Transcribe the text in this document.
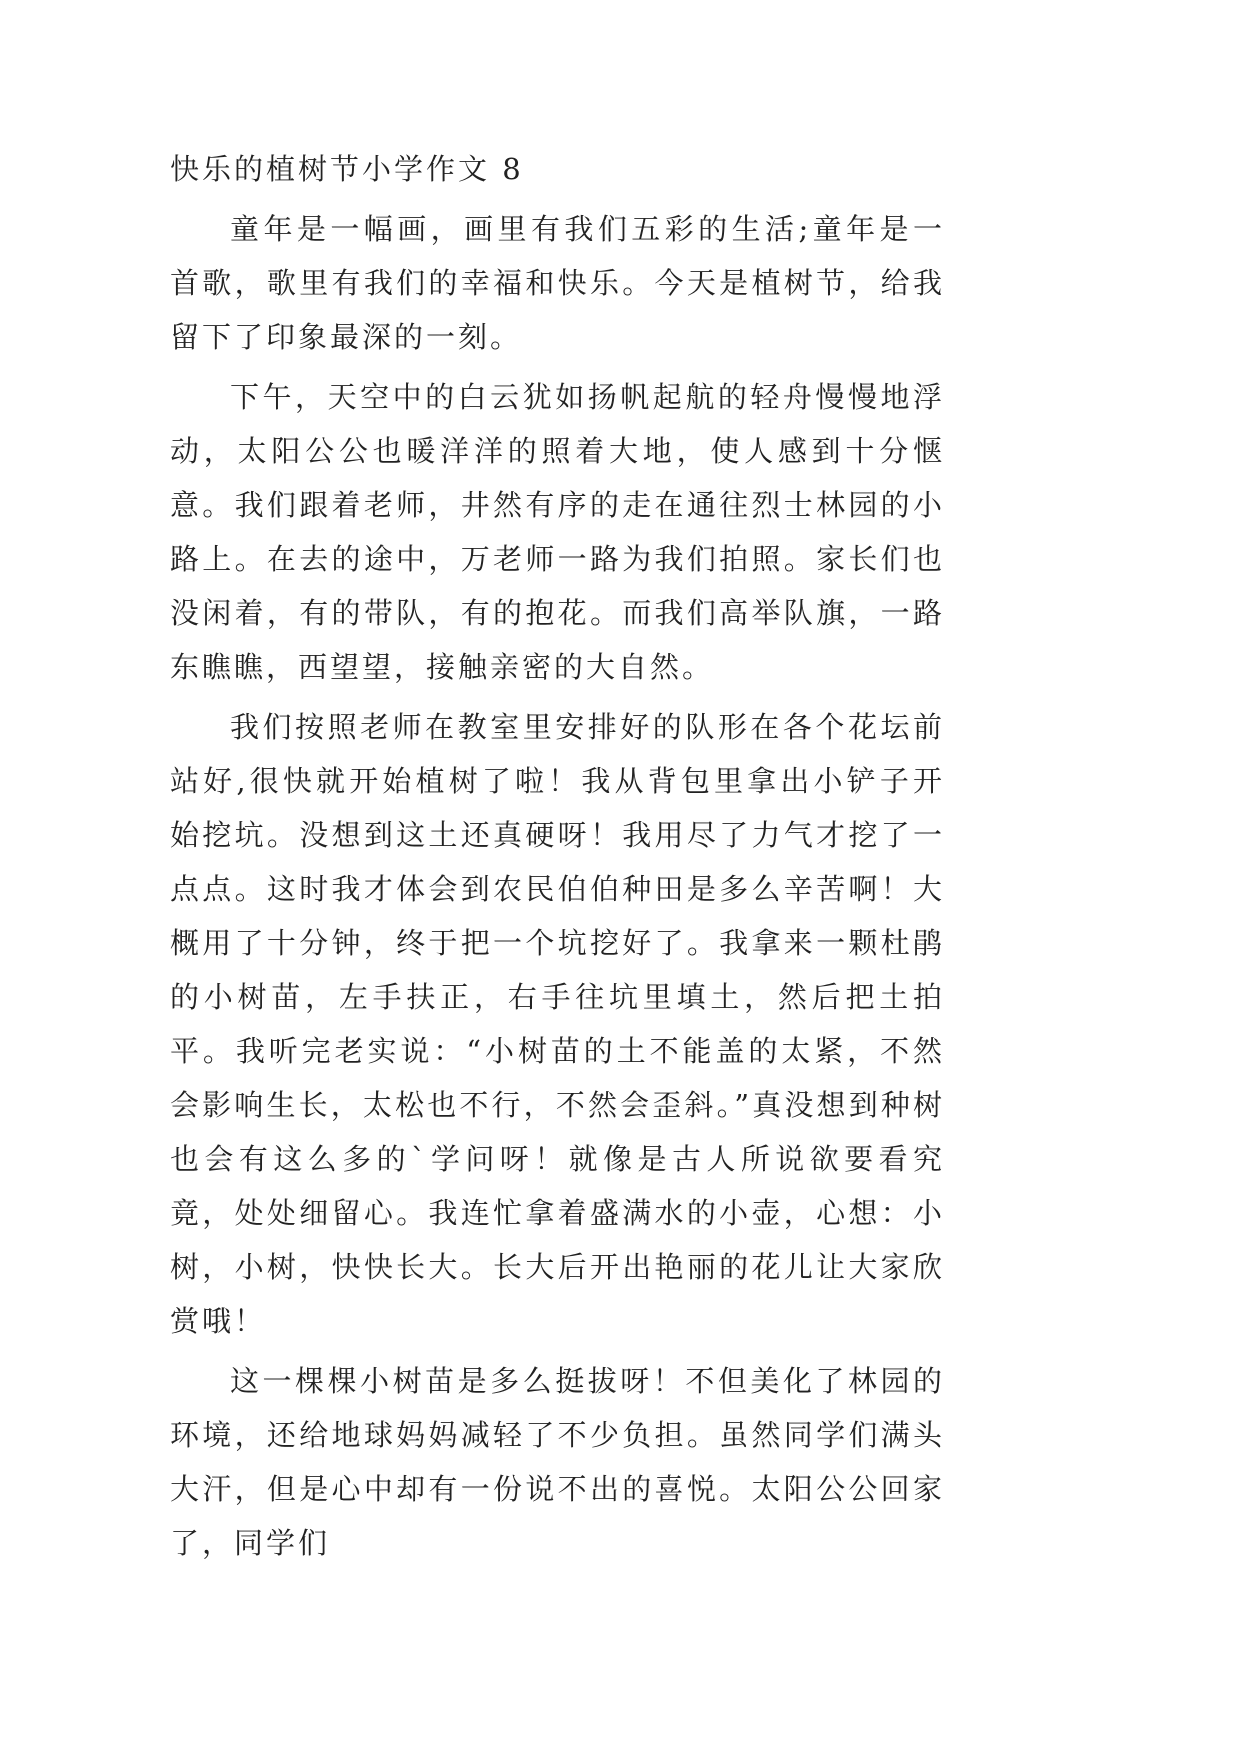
快乐的植树节小学作文 8

童年是一幅画，画里有我们五彩的生活;童年是一首歌，歌里有我们的幸福和快乐。今天是植树节，给我留下了印象最深的一刻。

下午，天空中的白云犹如扬帆起航的轻舟慢慢地浮动，太阳公公也暖洋洋的照着大地，使人感到十分惬意。我们跟着老师，井然有序的走在通往烈士林园的小路上。在去的途中，万老师一路为我们拍照。家长们也没闲着，有的带队，有的抱花。而我们高举队旗，一路东瞧瞧，西望望，接触亲密的大自然。

我们按照老师在教室里安排好的队形在各个花坛前站好,很快就开始植树了啦！我从背包里拿出小铲子开始挖坑。没想到这土还真硬呀！我用尽了力气才挖了一点点。这时我才体会到农民伯伯种田是多么辛苦啊！大概用了十分钟，终于把一个坑挖好了。我拿来一颗杜鹃的小树苗，左手扶正，右手往坑里填土，然后把土拍平。我听完老实说：“小树苗的土不能盖的太紧，不然会影响生长，太松也不行，不然会歪斜。”真没想到种树也会有这么多的`学问呀！就像是古人所说欲要看究竟，处处细留心。我连忙拿着盛满水的小壶，心想：小树，小树，快快长大。长大后开出艳丽的花儿让大家欣赏哦！

这一棵棵小树苗是多么挺拔呀！不但美化了林园的环境，还给地球妈妈减轻了不少负担。虽然同学们满头大汗，但是心中却有一份说不出的喜悦。太阳公公回家了，同学们
